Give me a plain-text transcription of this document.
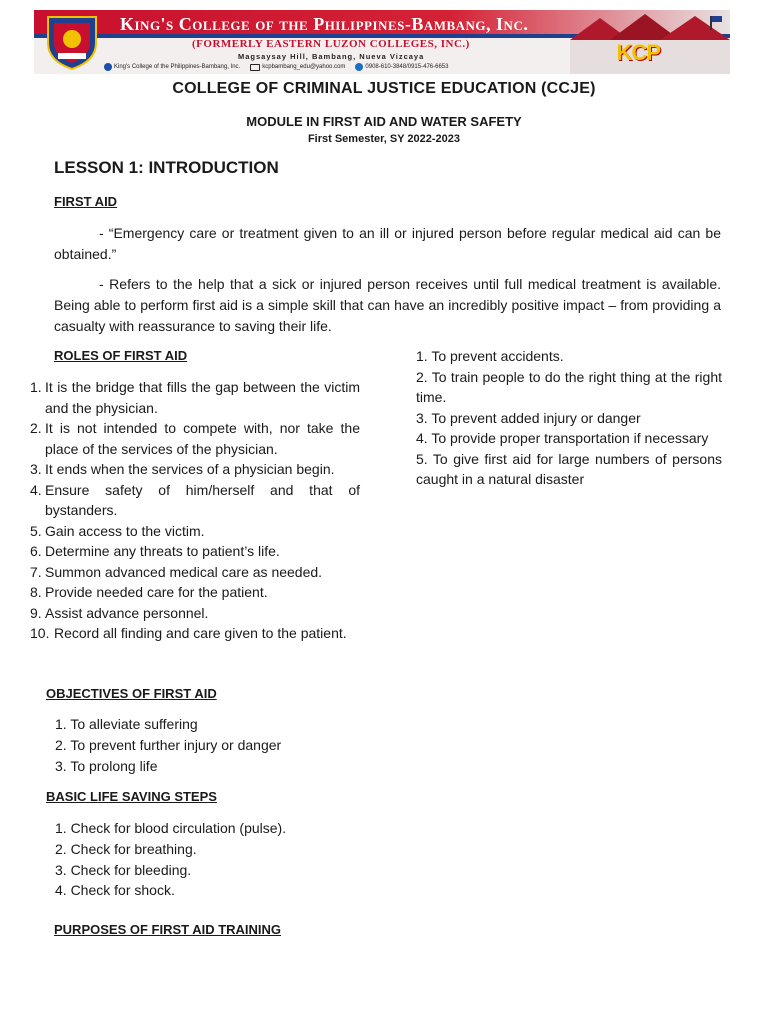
King's College of the Philippines-Bambang, Inc.
(FORMERLY EASTERN LUZON COLLEGES, INC.)
Magsaysay Hill, Bambang, Nueva Vizcaya
King's College of the Philippines-Bambang, Inc.	kcpbambang_edu@yahoo.com	0908-610-3848/0915-476-6653
KCP
COLLEGE OF CRIMINAL JUSTICE EDUCATION (CCJE)
MODULE IN FIRST AID AND WATER SAFETY
First Semester, SY 2022-2023
LESSON 1: INTRODUCTION
FIRST AID

- “Emergency care or treatment given to an ill or injured person before regular medical aid can be obtained.”

- Refers to the help that a sick or injured person receives until full medical treatment is available. Being able to perform first aid is a simple skill that can have an incredibly positive impact – from providing a casualty with reassurance to saving their life.

ROLES OF FIRST AID
1. It is the bridge that fills the gap between the victim and the physician.
2. It is not intended to compete with, nor take the place of the services of the physician.
3. It ends when the services of a physician begin.
4. Ensure safety of him/herself and that of bystanders.
5. Gain access to the victim.
6. Determine any threats to patient’s life.
7. Summon advanced medical care as needed.
8. Provide needed care for the patient.
9. Assist advance personnel.
10. Record all finding and care given to the patient.
1. To prevent accidents.
2. To train people to do the right thing at the right time.
3. To prevent added injury or danger
4. To provide proper transportation if necessary
5. To give first aid for large numbers of persons caught in a natural disaster
OBJECTIVES OF FIRST AID
1. To alleviate suffering
2. To prevent further injury or danger
3. To prolong life
BASIC LIFE SAVING STEPS
1. Check for blood circulation (pulse).
2. Check for breathing.
3. Check for bleeding.
4. Check for shock.
PURPOSES OF FIRST AID TRAINING
